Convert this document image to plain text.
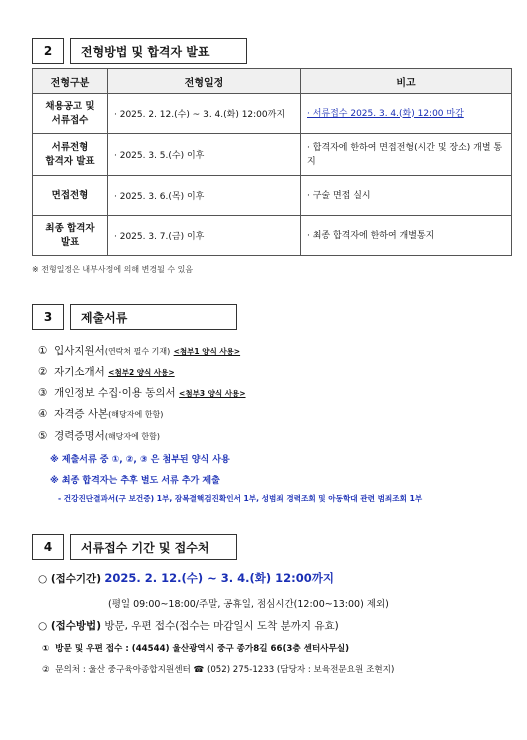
2	전형방법 및 합격자 발표
전형구분	전형일정	비고
채용공고 및
서류접수	· 2025. 2. 12.(수) ~ 3. 4.(화) 12:00까지	· 서류접수 2025. 3. 4.(화) 12:00 마감
서류전형
합격자 발표	· 2025. 3. 5.(수) 이후	· 합격자에 한하여 면접전형(시간 및 장소) 개별 통지
면접전형	· 2025. 3. 6.(목) 이후	· 구술 면접 실시
최종 합격자
발표	· 2025. 3. 7.(금) 이후	· 최종 합격자에 한하여 개별통지
※ 전형일정은 내부사정에 의해 변경될 수 있음
3	제출서류
① 입사지원서(연락처 필수 기재) <첨부1 양식 사용>
② 자기소개서 <첨부2 양식 사용>
③ 개인정보 수집·이용 동의서 <첨부3 양식 사용>
④ 자격증 사본(해당자에 한함)
⑤ 경력증명서(해당자에 한함)
※ 제출서류 중 ①, ②, ③ 은 첨부된 양식 사용
※ 최종 합격자는 추후 별도 서류 추가 제출
- 건강진단결과서(구 보건증) 1부, 잠복결핵검진확인서 1부, 성범죄 경력조회 및 아동학대 관련 범죄조회 1부
4	서류접수 기간 및 접수처
○ (접수기간) 2025. 2. 12.(수) ~ 3. 4.(화) 12:00까지
(평일 09:00~18:00/주말, 공휴일, 점심시간(12:00~13:00) 제외)
○ (접수방법) 방문, 우편 접수(접수는 마감일시 도착 분까지 유효)
① 방문 및 우편 접수 : (44544) 울산광역시 중구 종가8길 66(3층 센터사무실)
② 문의처 : 울산 중구육아종합지원센터 ☎ (052) 275-1233 (담당자 : 보육전문요원 조현지)
